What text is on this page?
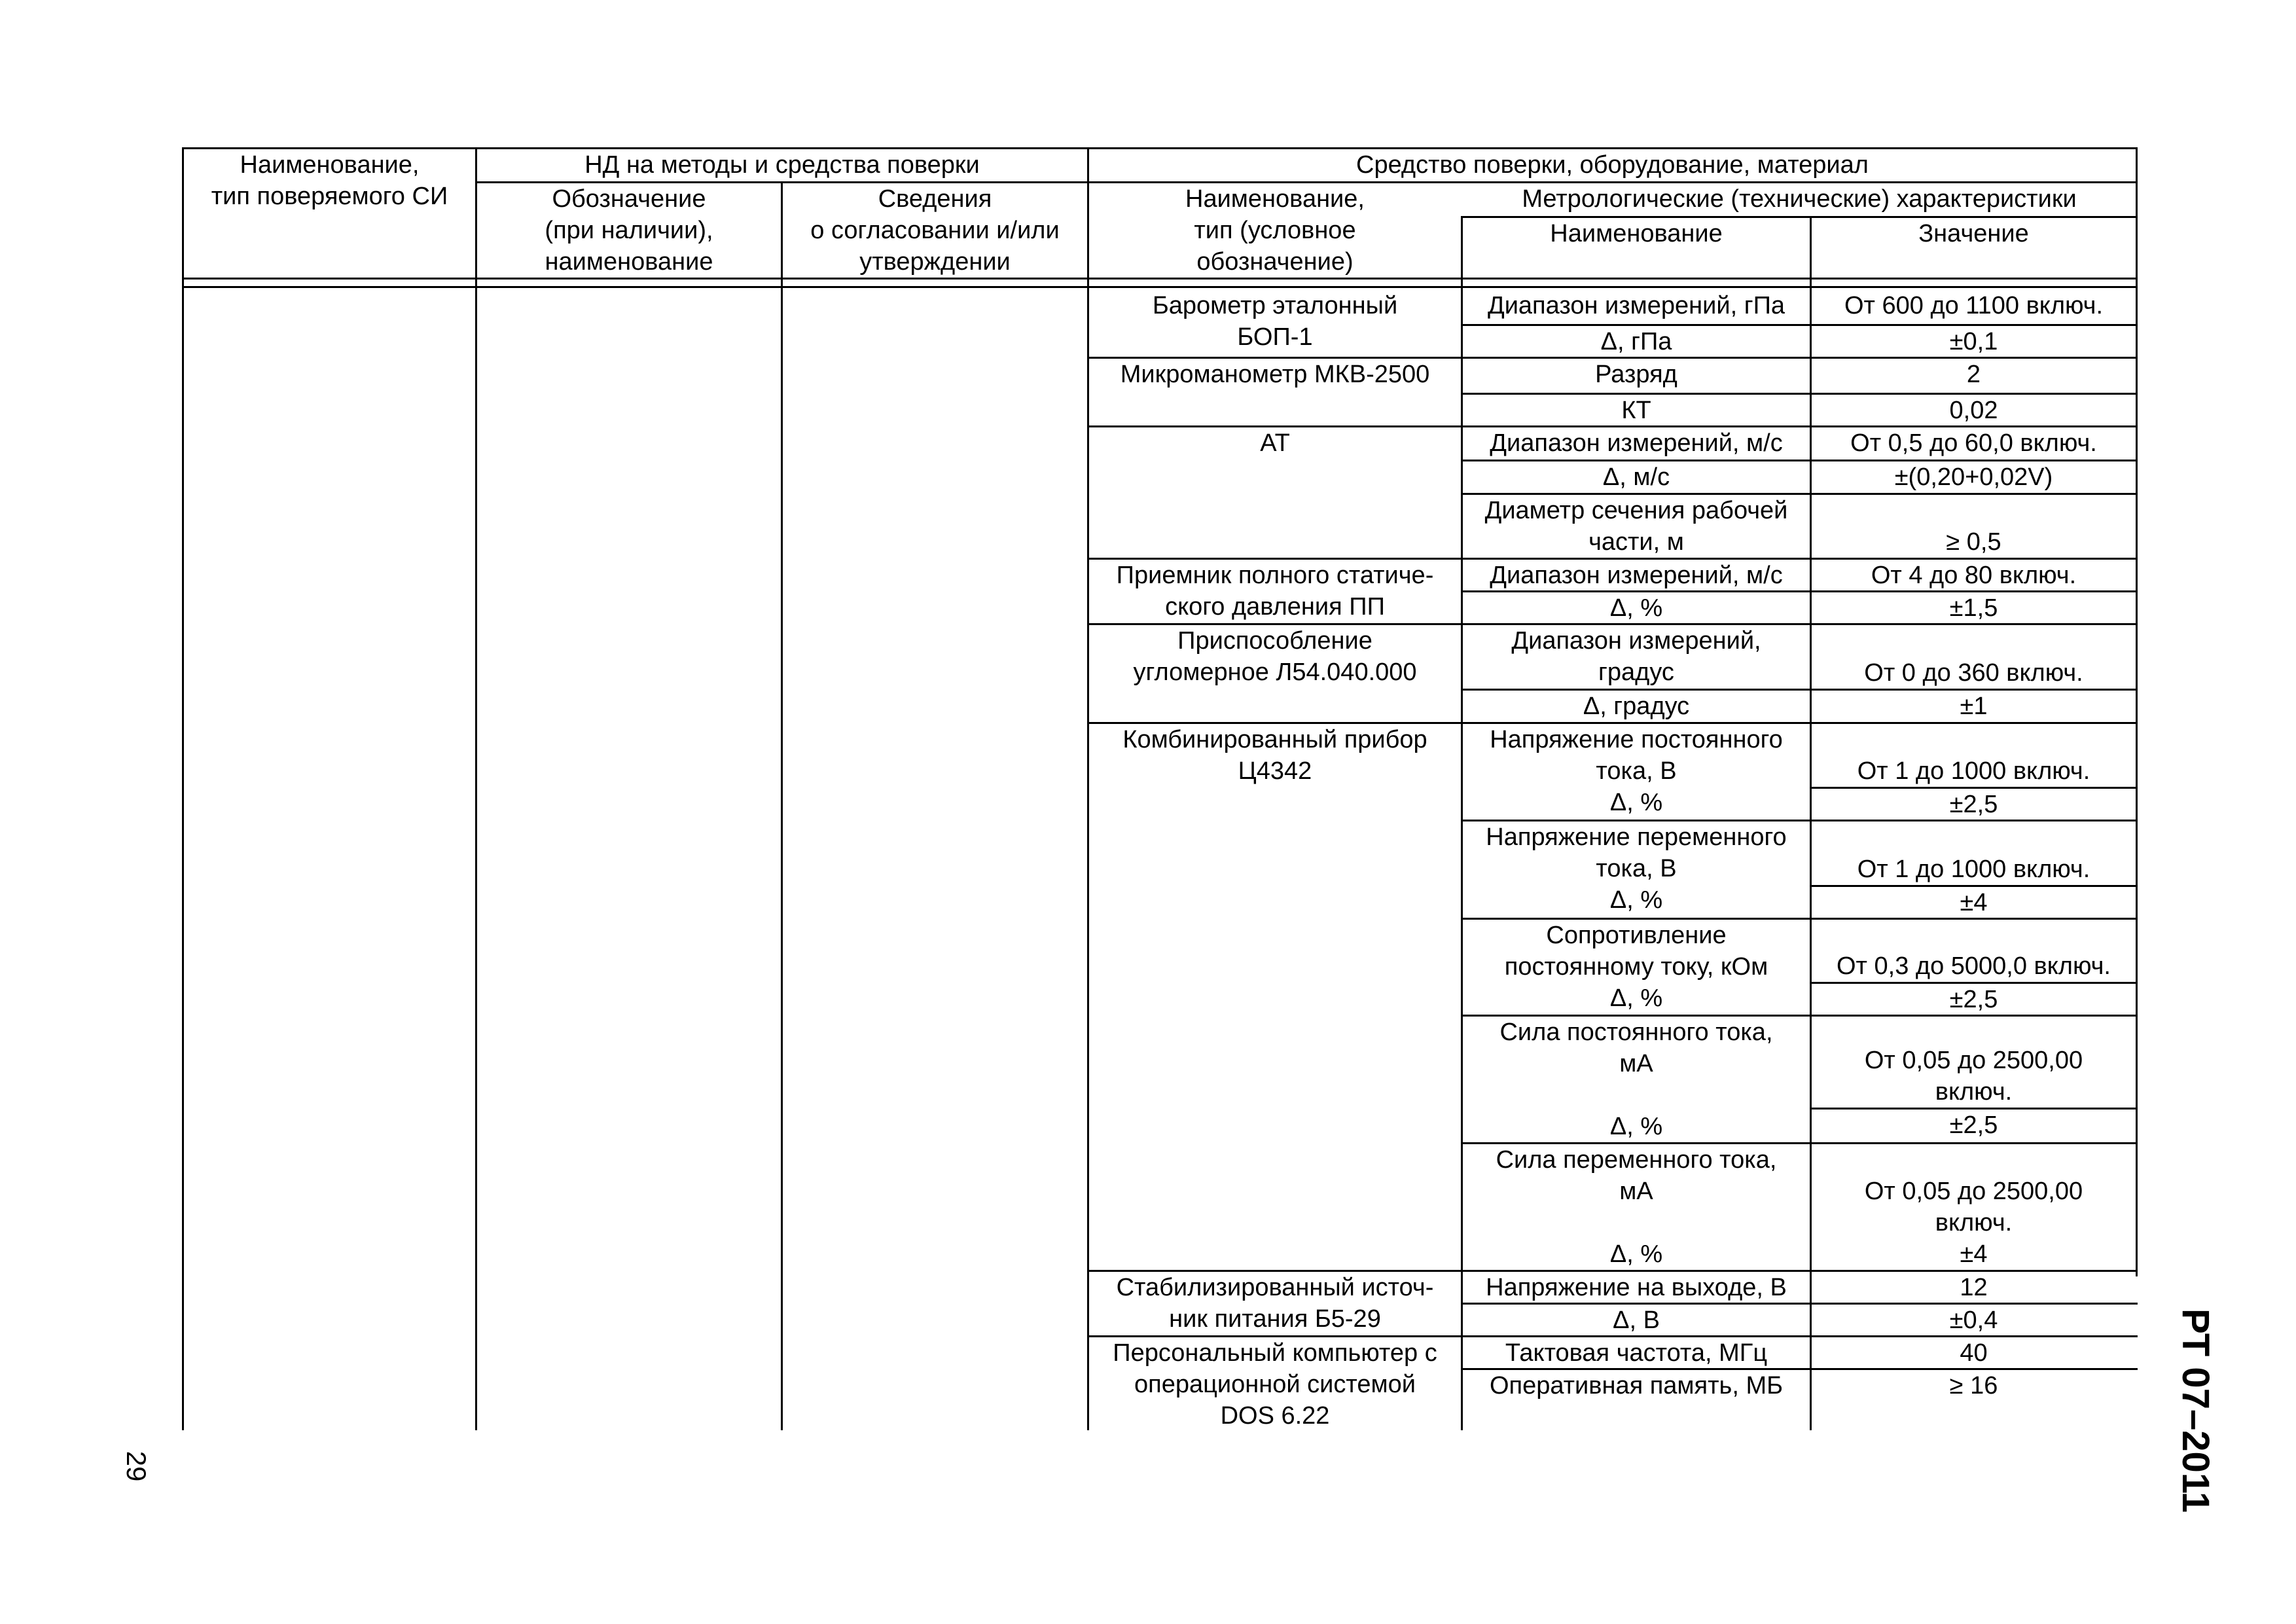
Наименование,
тип поверяемого СИ
НД на методы и средства поверки
Обозначение
(при наличии),
наименование
Сведения
о согласовании и/или
утверждении
Средство поверки, оборудование, материал
Наименование,
тип (условное
обозначение)
Метрологические (технические) характеристики
Наименование	Значение
Барометр эталонный
БОП-1
Микроманометр МКВ-2500
АТ
Приемник полного статиче-
ского давления ПП
Приспособление
угломерное Л54.040.000
Комбинированный прибор
Ц4342
Стабилизированный источ-
ник питания Б5-29
Персональный компьютер с
операционной системой
DOS 6.22
Диапазон измерений, гПа
Δ, гПа
Разряд
КТ
Диапазон измерений, м/с
Δ, м/с
Диаметр сечения рабочей
части, м
Диапазон измерений, м/с
Δ, %
Диапазон измерений,
градус
Δ, градус
Напряжение постоянного
тока, В
Δ, %
Напряжение переменного
тока, В
Δ, %
Сопротивление
постоянному току, кОм
Δ, %
Сила постоянного тока,
мА

Δ, %
Сила переменного тока,
мА

Δ, %
Напряжение на выходе, В
Δ, В
Тактовая частота, МГц
Оперативная память, МБ
От 600 до 1100 включ.
±0,1
2
0,02
От 0,5 до 60,0 включ.
±(0,20+0,02V)
≥ 0,5
От 4 до 80 включ.
±1,5
От 0 до 360 включ.
±1
От 1 до 1000 включ.
±2,5
От 1 до 1000 включ.
±4
От 0,3 до 5000,0 включ.
±2,5
От 0,05 до 2500,00
включ.
±2,5
От 0,05 до 2500,00
включ.
±4
12
±0,4
40
≥ 16
29	РТ 07–2011
